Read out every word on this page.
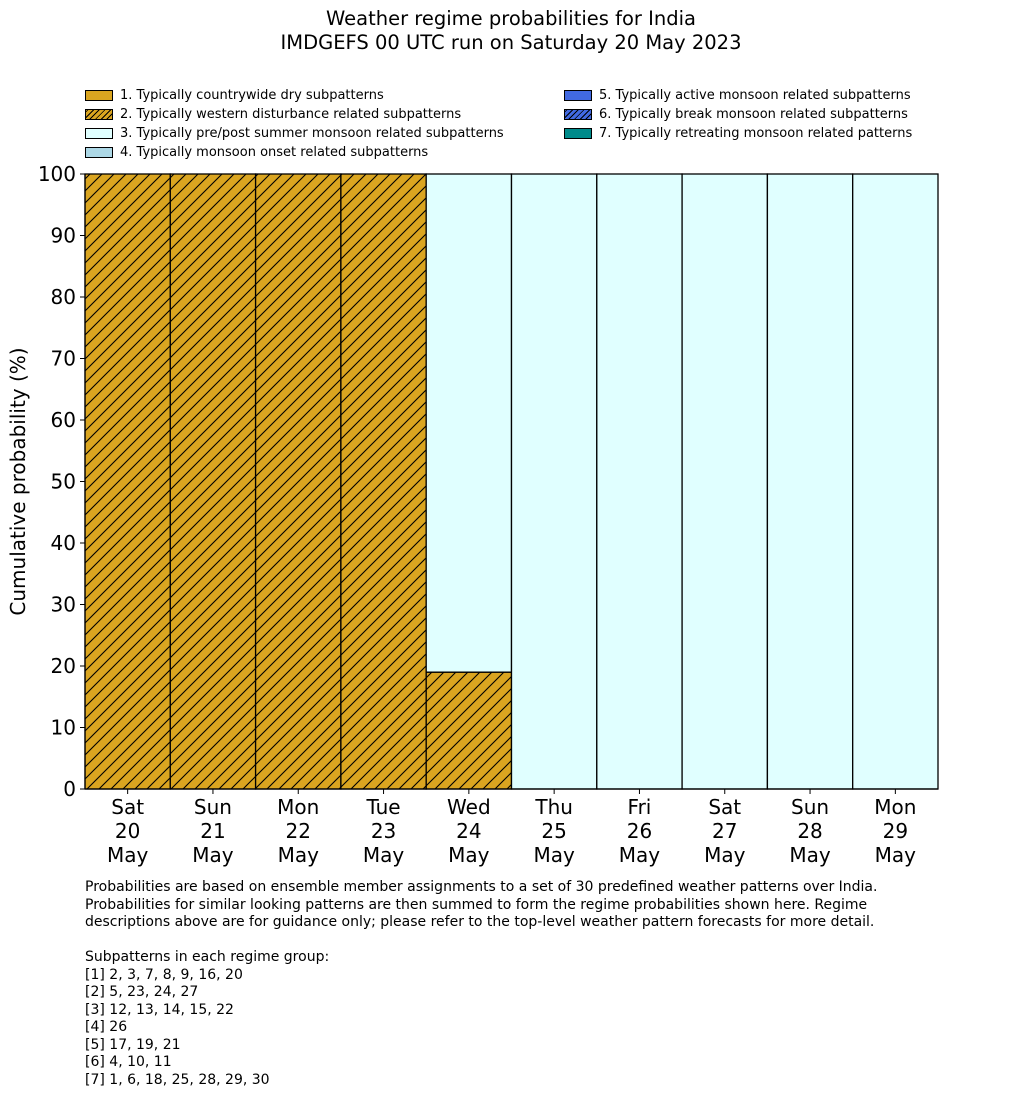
Weather regime probabilities for India
IMDGEFS 00 UTC run on Saturday 20 May 2023
1. Typically countrywide dry subpatterns
2. Typically western disturbance related subpatterns
3. Typically pre/post summer monsoon related subpatterns
4. Typically monsoon onset related subpatterns
5. Typically active monsoon related subpatterns
6. Typically break monsoon related subpatterns
7. Typically retreating monsoon related patterns
0
10
20
30
40
50
60
70
80
90
100
Sat 20 May
Sun 21 May
Mon 22 May
Tue 23 May
Wed 24 May
Thu 25 May
Fri 26 May
Sat 27 May
Sun 28 May
Mon 29 May
Cumulative probability (%)
Probabilities are based on ensemble member assignments to a set of 30 predefined weather patterns over India.
Probabilities for similar looking patterns are then summed to form the regime probabilities shown here. Regime
descriptions above are for guidance only; please refer to the top-level weather pattern forecasts for more detail.
Subpatterns in each regime group:
[1] 2, 3, 7, 8, 9, 16, 20
[2] 5, 23, 24, 27
[3] 12, 13, 14, 15, 22
[4] 26
[5] 17, 19, 21
[6] 4, 10, 11
[7] 1, 6, 18, 25, 28, 29, 30
